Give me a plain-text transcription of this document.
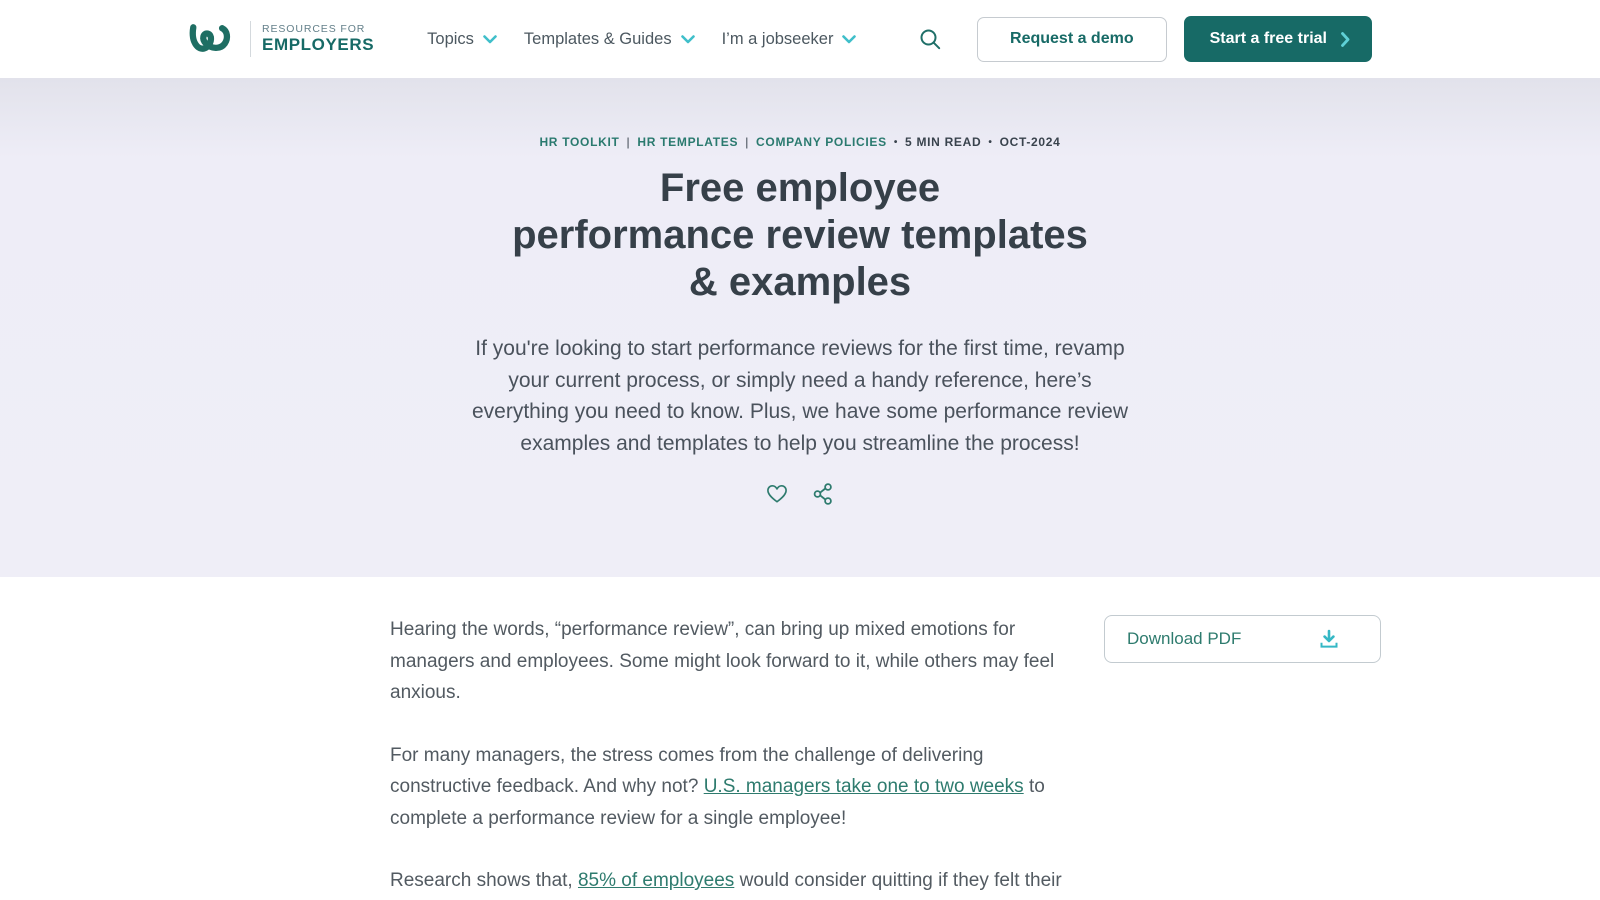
RESOURCES FOR
EMPLOYERS	Topics	Templates & Guides	I’m a jobseeker	Request a demo	Start a free trial
HR TOOLKIT | HR TEMPLATES | COMPANY POLICIES • 5 MIN READ • OCT-2024
Free employee
performance review templates
& examples

If you're looking to start performance reviews for the first time, revamp your current process, or simply need a handy reference, here’s everything you need to know. Plus, we have some performance review examples and templates to help you streamline the process!

Hearing the words, “performance review”, can bring up mixed emotions for managers and employees. Some might look forward to it, while others may feel anxious.

For many managers, the stress comes from the challenge of delivering constructive feedback. And why not? U.S. managers take one to two weeks to complete a performance review for a single employee!

Research shows that, 85% of employees would consider quitting if they felt their

Download PDF
